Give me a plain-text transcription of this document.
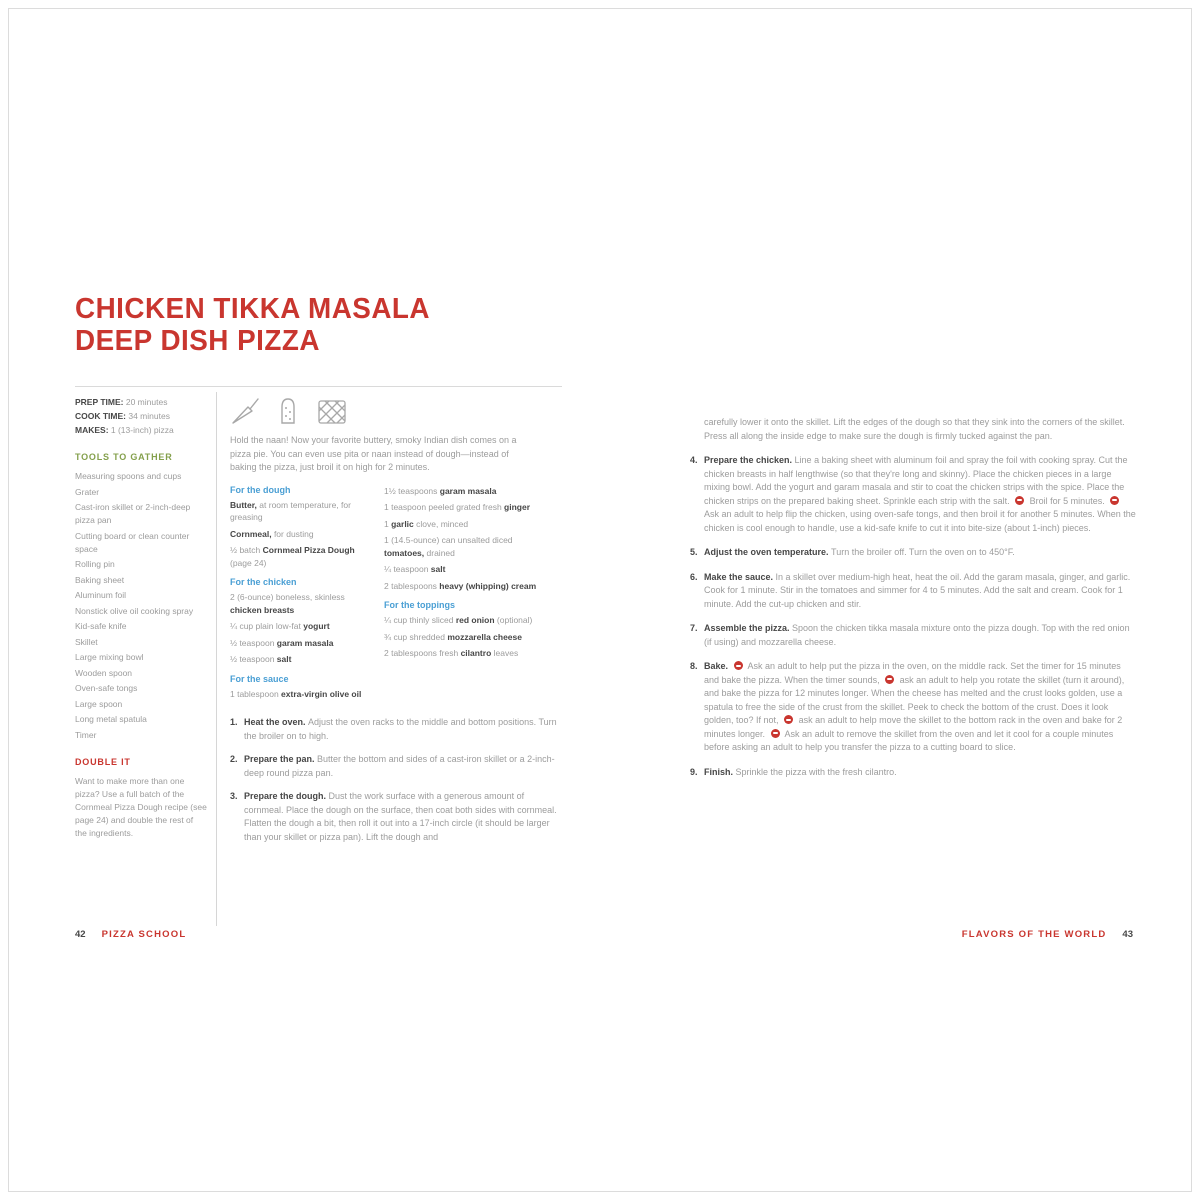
CHICKEN TIKKA MASALA
DEEP DISH PIZZA
PREP TIME: 20 minutes
COOK TIME: 34 minutes
MAKES: 1 (13-inch) pizza
TOOLS TO GATHER
Measuring spoons and cups
Grater
Cast-iron skillet or 2-inch-deep pizza pan
Cutting board or clean counter space
Rolling pin
Baking sheet
Aluminum foil
Nonstick olive oil cooking spray
Kid-safe knife
Skillet
Large mixing bowl
Wooden spoon
Oven-safe tongs
Large spoon
Long metal spatula
Timer
DOUBLE IT
Want to make more than one pizza? Use a full batch of the Cornmeal Pizza Dough recipe (see page 24) and double the rest of the ingredients.

Hold the naan! Now your favorite buttery, smoky Indian dish comes on a pizza pie. You can even use pita or naan instead of dough—instead of baking the pizza, just broil it on high for 2 minutes.

For the dough
Butter, at room temperature, for greasing
Cornmeal, for dusting
½ batch Cornmeal Pizza Dough (page 24)
For the chicken
2 (6-ounce) boneless, skinless chicken breasts
¼ cup plain low-fat yogurt
½ teaspoon garam masala
½ teaspoon salt
For the sauce
1 tablespoon extra-virgin olive oil
1½ teaspoons garam masala
1 teaspoon peeled grated fresh ginger
1 garlic clove, minced
1 (14.5-ounce) can unsalted diced tomatoes, drained
¼ teaspoon salt
2 tablespoons heavy (whipping) cream
For the toppings
¼ cup thinly sliced red onion (optional)
¾ cup shredded mozzarella cheese
2 tablespoons fresh cilantro leaves
1. Heat the oven. Adjust the oven racks to the middle and bottom positions. Turn the broiler on to high.
2. Prepare the pan. Butter the bottom and sides of a cast-iron skillet or a 2-inch-deep round pizza pan.
3. Prepare the dough. Dust the work surface with a generous amount of cornmeal. Place the dough on the surface, then coat both sides with cornmeal. Flatten the dough a bit, then roll it out into a 17-inch circle (it should be larger than your skillet or pizza pan). Lift the dough and

carefully lower it onto the skillet. Lift the edges of the dough so that they sink into the corners of the skillet. Press all along the inside edge to make sure the dough is firmly tucked against the pan.

4. Prepare the chicken. Line a baking sheet with aluminum foil and spray the foil with cooking spray. Cut the chicken breasts in half lengthwise (so that they're long and skinny). Place the chicken pieces in a large mixing bowl. Add the yogurt and garam masala and stir to coat the chicken strips with the spice. Place the chicken strips on the prepared baking sheet. Sprinkle each strip with the salt.  Broil for 5 minutes.  Ask an adult to help flip the chicken, using oven-safe tongs, and then broil it for another 5 minutes. When the chicken is cool enough to handle, use a kid-safe knife to cut it into bite-size (about 1-inch) pieces.
5. Adjust the oven temperature. Turn the broiler off. Turn the oven on to 450°F.
6. Make the sauce. In a skillet over medium-high heat, heat the oil. Add the garam masala, ginger, and garlic. Cook for 1 minute. Stir in the tomatoes and simmer for 4 to 5 minutes. Add the salt and cream. Cook for 1 minute. Add the cut-up chicken and stir.
7. Assemble the pizza. Spoon the chicken tikka masala mixture onto the pizza dough. Top with the red onion (if using) and mozzarella cheese.
8. Bake.  Ask an adult to help put the pizza in the oven, on the middle rack. Set the timer for 15 minutes and bake the pizza. When the timer sounds,  ask an adult to help you rotate the skillet (turn it around), and bake the pizza for 12 minutes longer. When the cheese has melted and the crust looks golden, use a spatula to free the side of the crust from the skillet. Peek to check the bottom of the crust. Does it look golden, too? If not,  ask an adult to help move the skillet to the bottom rack in the oven and bake for 2 minutes longer.  Ask an adult to remove the skillet from the oven and let it cool for a couple minutes before asking an adult to help you transfer the pizza to a cutting board to slice.
9. Finish. Sprinkle the pizza with the fresh cilantro.
42 PIZZA SCHOOL	FLAVORS OF THE WORLD 43
